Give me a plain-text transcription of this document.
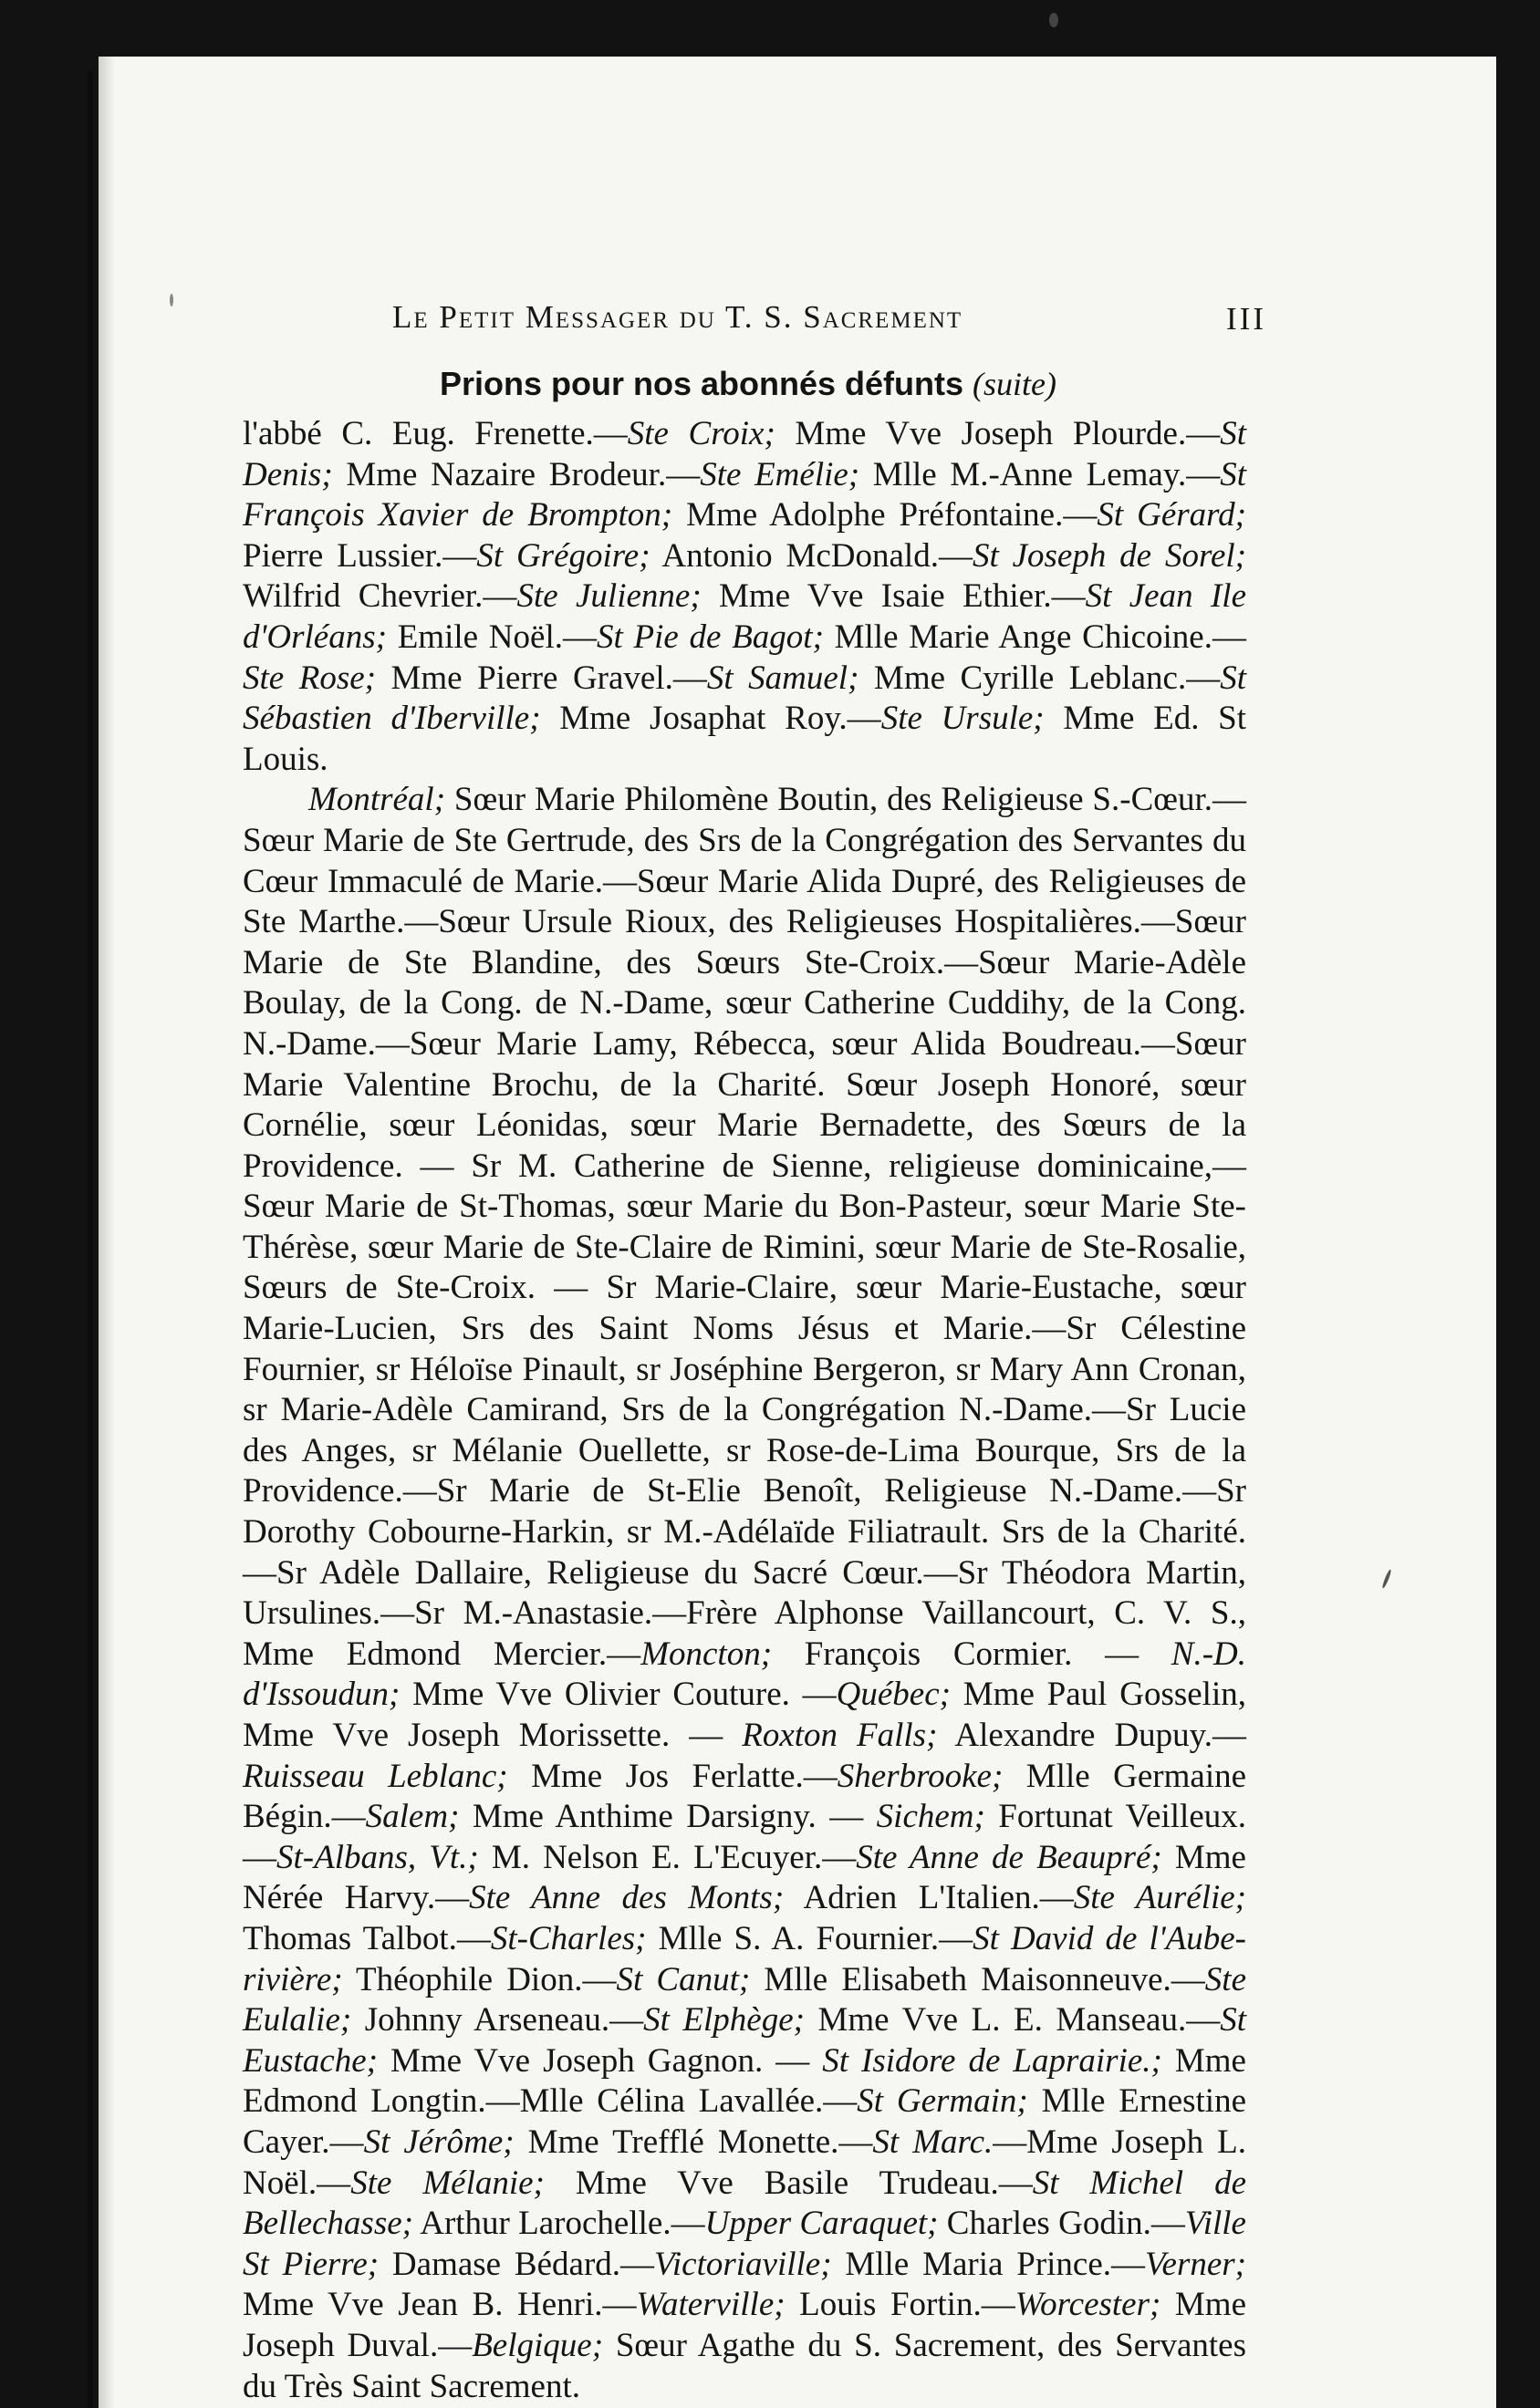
Le Petit Messager du T. S. Sacrement	III
Prions pour nos abonnés défunts (suite)

l'abbé C. Eug. Frenette.—Ste Croix; Mme Vve Joseph Plourde.—St Denis; Mme Nazaire Brodeur.—Ste Emélie; Mlle M.-Anne Lemay.—St François Xavier de Brompton; Mme Adolphe Préfontaine.—St Gérard; Pierre Lussier.—St Grégoire; Antonio McDonald.—St Joseph de Sorel; Wilfrid Chevrier.—Ste Julienne; Mme Vve Isaie Ethier.—St Jean Ile d'Orléans; Emile Noël.—St Pie de Bagot; Mlle Marie Ange Chicoine.—Ste Rose; Mme Pierre Gravel.—St Samuel; Mme Cyrille Leblanc.—St Sébastien d'Iberville; Mme Josaphat Roy.—Ste Ursule; Mme Ed. St Louis.

Montréal; Sœur Marie Philomène Boutin, des Religieuse S.-Cœur.—Sœur Marie de Ste Gertrude, des Srs de la Congrégation des Servantes du Cœur Immaculé de Marie.—Sœur Marie Alida Dupré, des Religieuses de Ste Marthe.—Sœur Ursule Rioux, des Religieuses Hospitalières.—Sœur Marie de Ste Blandine, des Sœurs Ste-Croix.—Sœur Marie-Adèle Boulay, de la Cong. de N.-Dame, sœur Catherine Cuddihy, de la Cong. N.-Dame.—Sœur Marie Lamy, Rébecca, sœur Alida Boudreau.—Sœur Marie Valentine Brochu, de la Charité. Sœur Joseph Honoré, sœur Cornélie, sœur Léonidas, sœur Marie Bernadette, des Sœurs de la Providence. — Sr M. Catherine de Sienne, religieuse dominicaine,— Sœur Marie de St-Thomas, sœur Marie du Bon-Pasteur, sœur Marie Ste-Thérèse, sœur Marie de Ste-Claire de Rimini, sœur Marie de Ste-Rosalie, Sœurs de Ste-Croix. — Sr Marie-Claire, sœur Marie-Eustache, sœur Marie-Lucien, Srs des Saint Noms Jésus et Marie.—Sr Célestine Fournier, sr Héloïse Pinault, sr Joséphine Bergeron, sr Mary Ann Cronan, sr Marie-Adèle Camirand, Srs de la Congrégation N.-Dame.—Sr Lucie des Anges, sr Mélanie Ouellette, sr Rose-de-Lima Bourque, Srs de la Providence.—Sr Marie de St-Elie Benoît, Religieuse N.-Dame.—Sr Dorothy Cobourne-Harkin, sr M.-Adélaïde Filiatrault. Srs de la Charité.—Sr Adèle Dallaire, Religieuse du Sacré Cœur.—Sr Théodora Martin, Ursulines.—Sr M.-Anastasie.—Frère Alphonse Vaillancourt, C. V. S., Mme Edmond Mercier.—Moncton; François Cormier. — N.-D. d'Issoudun; Mme Vve Olivier Couture. —Québec; Mme Paul Gosselin, Mme Vve Joseph Morissette. — Roxton Falls; Alexandre Dupuy.—Ruisseau Leblanc; Mme Jos Ferlatte.—Sherbrooke; Mlle Germaine Bégin.—Salem; Mme Anthime Darsigny. — Sichem; Fortunat Veilleux.—St-Albans, Vt.; M. Nelson E. L'Ecuyer.—Ste Anne de Beaupré; Mme Nérée Harvy.—Ste Anne des Monts; Adrien L'Italien.—Ste Aurélie; Thomas Talbot.—St-Charles; Mlle S. A. Fournier.—St David de l'Aube-rivière; Théophile Dion.—St Canut; Mlle Elisabeth Maisonneuve.—Ste Eulalie; Johnny Arseneau.—St Elphège; Mme Vve L. E. Manseau.—St Eustache; Mme Vve Joseph Gagnon. — St Isidore de Laprairie.; Mme Edmond Longtin.—Mlle Célina Lavallée.—St Germain; Mlle Ernestine Cayer.—St Jérôme; Mme Trefflé Monette.—St Marc.—Mme Joseph L. Noël.—Ste Mélanie; Mme Vve Basile Trudeau.—St Michel de Bellechasse; Arthur Larochelle.—Upper Caraquet; Charles Godin.—Ville St Pierre; Damase Bédard.—Victoriaville; Mlle Maria Prince.—Verner; Mme Vve Jean B. Henri.—Waterville; Louis Fortin.—Worcester; Mme Joseph Duval.—Belgique; Sœur Agathe du S. Sacrement, des Servantes du Très Saint Sacrement.
